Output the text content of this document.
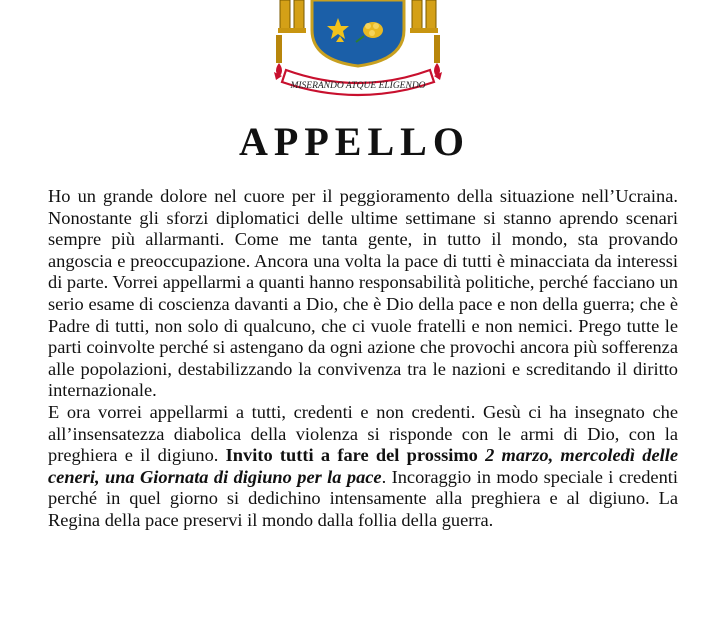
MISERANDO ATQUE ELIGENDO
APPELLO

Ho un grande dolore nel cuore per il peggioramento della situazione nell’Ucraina. Nonostante gli sforzi diplomatici delle ultime settimane si stanno aprendo scenari sempre più allarmanti. Come me tanta gente, in tutto il mondo, sta provando angoscia e preoccupazione. Ancora una volta la pace di tutti è minacciata da interessi di parte. Vorrei appellarmi a quanti hanno responsabilità politiche, perché facciano un serio esame di coscienza davanti a Dio, che è Dio della pace e non della guerra; che è Padre di tutti, non solo di qualcuno, che ci vuole fratelli e non nemici. Prego tutte le parti coinvolte perché si astengano da ogni azione che provochi ancora più sofferenza alle popolazioni, destabilizzando la convivenza tra le nazioni e screditando il diritto internazionale.

E ora vorrei appellarmi a tutti, credenti e non credenti. Gesù ci ha insegnato che all’insensatezza diabolica della violenza si risponde con le armi di Dio, con la preghiera e il digiuno. Invito tutti a fare del prossimo 2 marzo, mercoledì delle ceneri, una Giornata di digiuno per la pace. Incoraggio in modo speciale i credenti perché in quel giorno si dedichino intensamente alla preghiera e al digiuno. La Regina della pace preservi il mondo dalla follia della guerra.
